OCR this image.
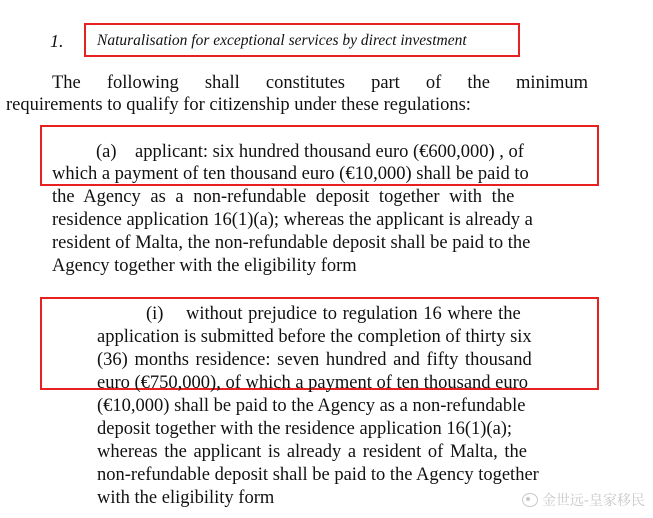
1. Naturalisation for exceptional services by direct investment
The following shall constitutes part of the minimum
requirements to qualify for citizenship under these regulations:
(a)    applicant: six hundred thousand euro (€600,000) , of
which a payment of ten thousand euro (€10,000) shall be paid to
the Agency as a non-refundable deposit together with the
residence application 16(1)(a); whereas the applicant is already a
resident of Malta, the non-refundable deposit shall be paid to the
Agency together with the eligibility form
(i)    without prejudice to regulation 16 where the
application is submitted before the completion of thirty six
(36) months residence: seven hundred and fifty thousand
euro (€750,000), of which a payment of ten thousand euro
(€10,000) shall be paid to the Agency as a non-refundable
deposit together with the residence application 16(1)(a);
whereas the applicant is already a resident of Malta, the
non-refundable deposit shall be paid to the Agency together
with the eligibility form	金世远-皇家移民
